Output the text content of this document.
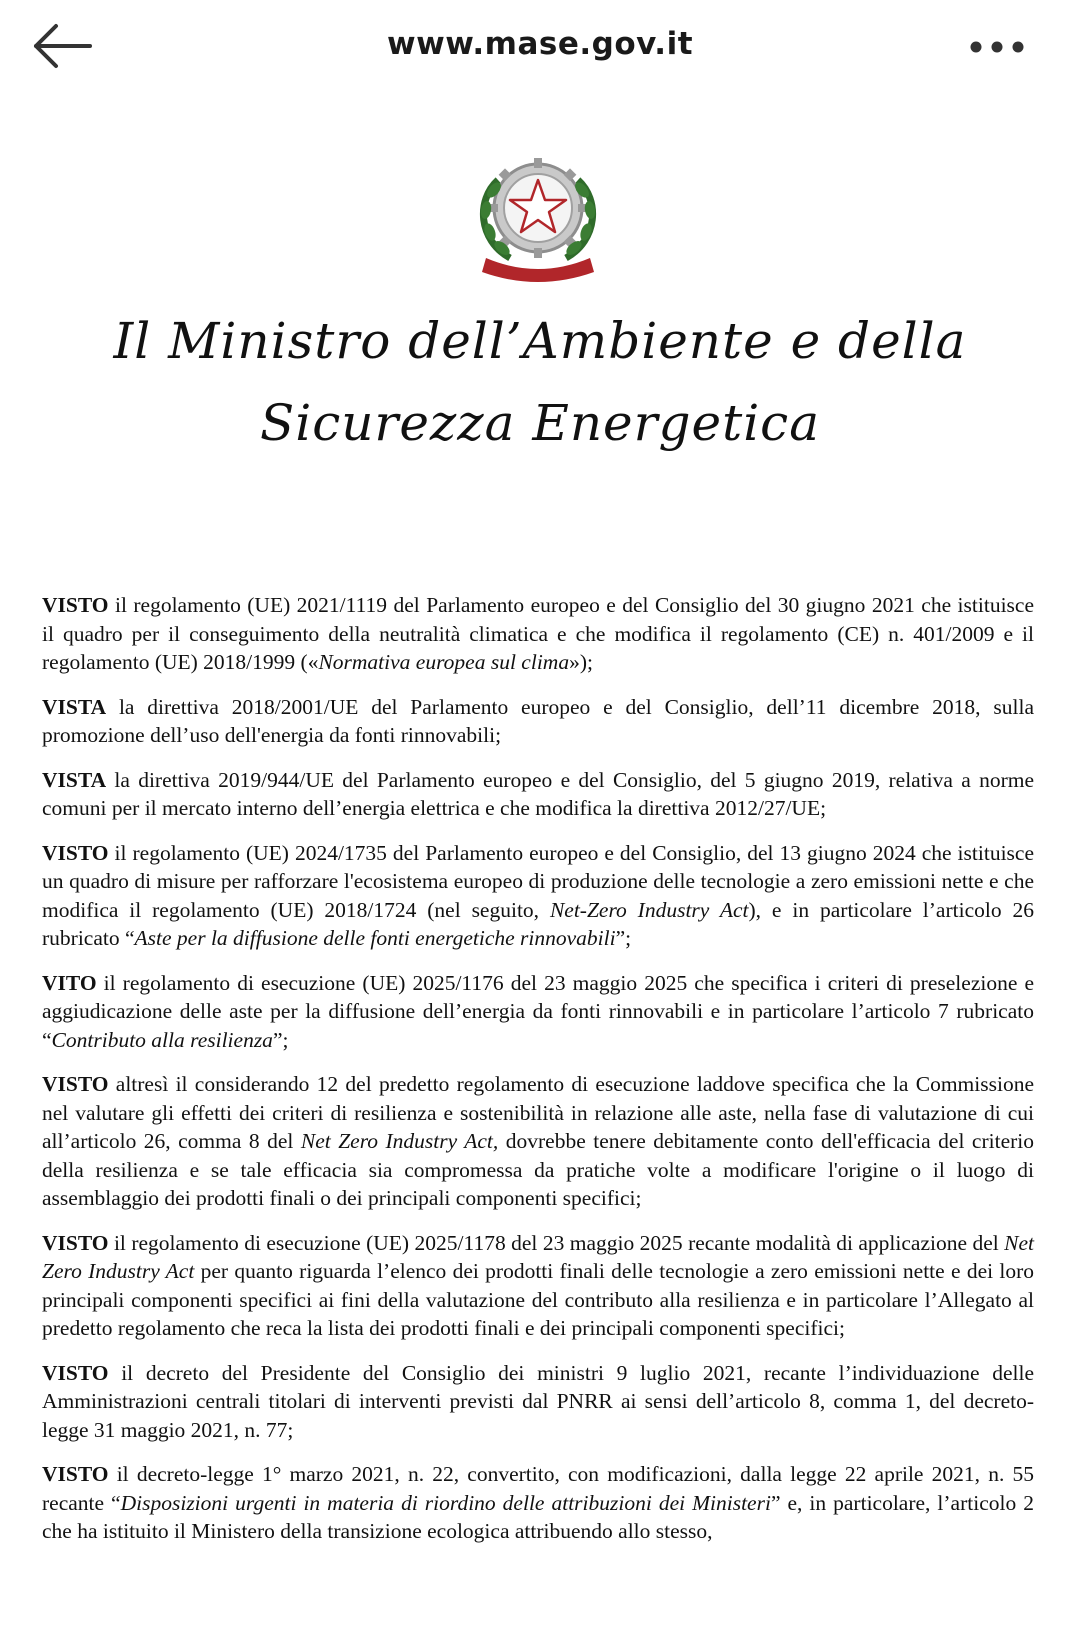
www.mase.gov.it
Il Ministro dell’Ambiente e della
Sicurezza Energetica

VISTO il regolamento (UE) 2021/1119 del Parlamento europeo e del Consiglio del 30 giugno 2021 che istituisce il quadro per il conseguimento della neutralità climatica e che modifica il regolamento (CE) n. 401/2009 e il regolamento (UE) 2018/1999 («Normativa europea sul clima»);

VISTA la direttiva 2018/2001/UE del Parlamento europeo e del Consiglio, dell’11 dicembre 2018, sulla promozione dell’uso dell'energia da fonti rinnovabili;

VISTA la direttiva 2019/944/UE del Parlamento europeo e del Consiglio, del 5 giugno 2019, relativa a norme comuni per il mercato interno dell’energia elettrica e che modifica la direttiva 2012/27/UE;

VISTO il regolamento (UE) 2024/1735 del Parlamento europeo e del Consiglio, del 13 giugno 2024 che istituisce un quadro di misure per rafforzare l'ecosistema europeo di produzione delle tecnologie a zero emissioni nette e che modifica il regolamento (UE) 2018/1724 (nel seguito, Net-Zero Industry Act), e in particolare l’articolo 26 rubricato “Aste per la diffusione delle fonti energetiche rinnovabili”;

VITO il regolamento di esecuzione (UE) 2025/1176 del 23 maggio 2025 che specifica i criteri di preselezione e aggiudicazione delle aste per la diffusione dell’energia da fonti rinnovabili e in particolare l’articolo 7 rubricato “Contributo alla resilienza”;

VISTO altresì il considerando 12 del predetto regolamento di esecuzione laddove specifica che la Commissione nel valutare gli effetti dei criteri di resilienza e sostenibilità in relazione alle aste, nella fase di valutazione di cui all’articolo 26, comma 8 del Net Zero Industry Act, dovrebbe tenere debitamente conto dell'efficacia del criterio della resilienza e se tale efficacia sia compromessa da pratiche volte a modificare l'origine o il luogo di assemblaggio dei prodotti finali o dei principali componenti specifici;

VISTO il regolamento di esecuzione (UE) 2025/1178 del 23 maggio 2025 recante modalità di applicazione del Net Zero Industry Act per quanto riguarda l’elenco dei prodotti finali delle tecnologie a zero emissioni nette e dei loro principali componenti specifici ai fini della valutazione del contributo alla resilienza e in particolare l’Allegato al predetto regolamento che reca la lista dei prodotti finali e dei principali componenti specifici;

VISTO il decreto del Presidente del Consiglio dei ministri 9 luglio 2021, recante l’individuazione delle Amministrazioni centrali titolari di interventi previsti dal PNRR ai sensi dell’articolo 8, comma 1, del decreto-legge 31 maggio 2021, n. 77;

VISTO il decreto-legge 1° marzo 2021, n. 22, convertito, con modificazioni, dalla legge 22 aprile 2021, n. 55 recante “Disposizioni urgenti in materia di riordino delle attribuzioni dei Ministeri” e, in particolare, l’articolo 2 che ha istituito il Ministero della transizione ecologica attribuendo allo stesso,
